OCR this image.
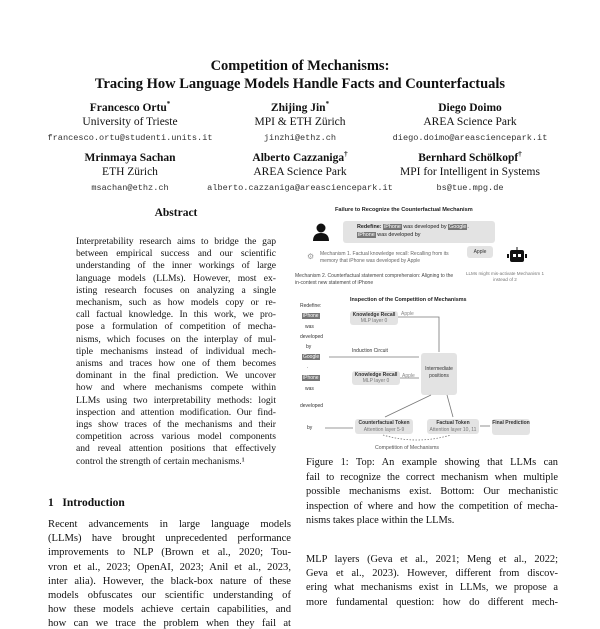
Competition of Mechanisms:
Tracing How Language Models Handle Facts and Counterfactuals
Francesco Ortu*
University of Trieste
francesco.ortu@studenti.units.it
Zhijing Jin*
MPI & ETH Zürich
jinzhi@ethz.ch
Diego Doimo
AREA Science Park
diego.doimo@areasciencepark.it
Mrinmaya Sachan
ETH Zürich
msachan@ethz.ch
Alberto Cazzaniga†
AREA Science Park
alberto.cazzaniga@areasciencepark.it
Bernhard Schölkopf†
MPI for Intelligent in Systems
bs@tue.mpg.de
Abstract
Interpretability research aims to bridge the gap
between empirical success and our scientific
understanding of the inner workings of large
language models (LLMs). However, most ex-
isting research focuses on analyzing a single
mechanism, such as how models copy or re-
call factual knowledge. In this work, we pro-
pose a formulation of competition of mecha-
nisms, which focuses on the interplay of mul-
tiple mechanisms instead of individual mech-
anisms and traces how one of them becomes
dominant in the final prediction. We uncover
how and where mechanisms compete within
LLMs using two interpretability methods: logit
inspection and attention modification. Our find-
ings show traces of the mechanisms and their
competition across various model components
and reveal attention positions that effectively
control the strength of certain mechanisms.¹
1 Introduction
Recent advancements in large language models
(LLMs) have brought unprecedented performance
improvements to NLP (Brown et al., 2020; Tou-
vron et al., 2023; OpenAI, 2023; Anil et al., 2023,
inter alia). However, the black-box nature of these
models obfuscates our scientific understanding of
how these models achieve certain capabilities, and
how can we trace the problem when they fail at
Failure to Recognize the Counterfactual Mechanism
Redefine: iPhone was developed by Google.
iPhone was developed by
Apple
Mechanism 1. Factual knowledge recall: Recalling from its memory that iPhone was developed by Apple
Mechanism 2. Counterfactual statement comprehension: Aligning to the in-context new statement of iPhone
LLMs might mis-activate Mechanism 1 instead of 2
⚙
Inspection of the Competition of Mechanisms
Redefine:
iPhone
was
developed
by
Google
.
iPhone
was
developed
by
Knowledge Recall
MLP layer 0
Knowledge Recall
MLP layer 0
Intermediate positions
Induction Circuit
Apple
Apple
Counterfactual Token
Attention layer 5-9
Factual Token
Attention layer 10, 11
Final Prediction
Competition of Mechanisms
Figure 1: Top: An example showing that LLMs can
fail to recognize the correct mechanism when multiple
possible mechanisms exist. Bottom: Our mechanistic
inspection of where and how the competition of mecha-
nisms takes place within the LLMs.
MLP layers (Geva et al., 2021; Meng et al., 2022;
Geva et al., 2023). However, different from discov-
ering what mechanisms exist in LLMs, we propose a
more fundamental question: how do different mech-
